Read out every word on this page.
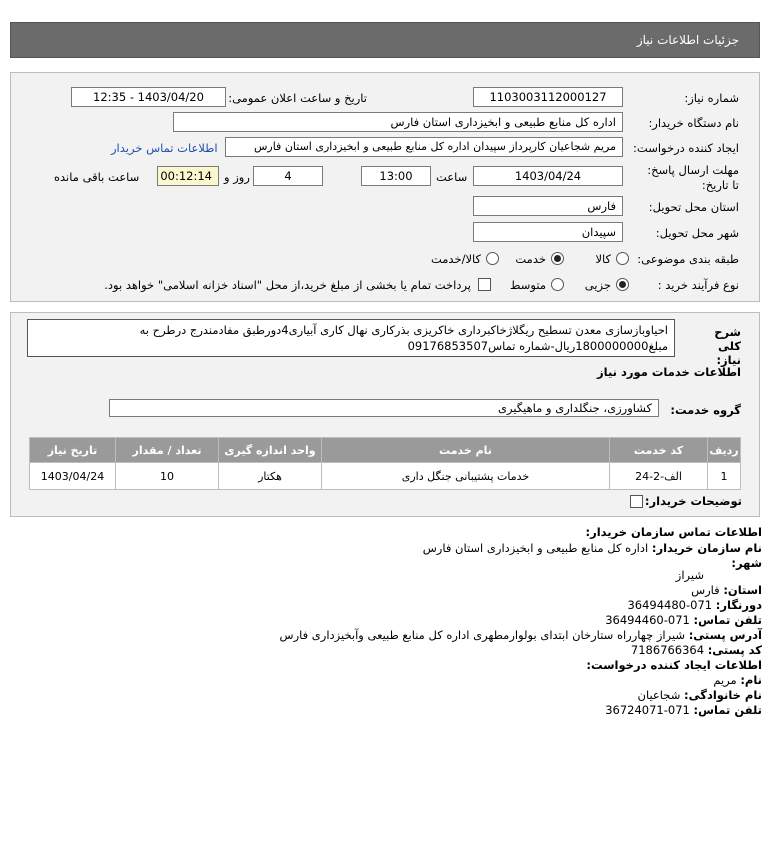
جزئیات اطلاعات نیاز
شماره نیاز:
1103003112000127
تاریخ و ساعت اعلان عمومی:
1403/04/20 - 12:35
نام دستگاه خریدار:
اداره کل منابع طبیعی و ابخیزداری استان فارس
ایجاد کننده درخواست:
مریم شجاعیان کارپرداز سپیدان اداره کل منابع طبیعی و ابخیزداری استان فارس
اطلاعات تماس خریدار
مهلت ارسال پاسخ: تا تاریخ:
1403/04/24
ساعت
13:00
4
روز و
00:12:14
ساعت باقی مانده
استان محل تحویل:
فارس
شهر محل تحویل:
سپیدان
طبقه بندی موضوعی:
کالا
خدمت
کالا/خدمت
نوع فرآیند خرید :
جزیی
متوسط
پرداخت تمام یا بخشی از مبلغ خرید،از محل "اسناد خزانه اسلامی" خواهد بود.
شرح کلی نیاز:
احیاوبازسازی معدن تسطیح ریگلاژخاکبرداری خاکریزی بذرکاری نهال کاری آبیاری4دورطبق مفادمندرج درطرح به مبلغ1800000000ریال-شماره تماس09176853507
اطلاعات خدمات مورد نیاز
گروه خدمت:
کشاورزی، جنگلداری و ماهیگیری
ردیف	کد خدمت	نام خدمت	واحد اندازه گیری	تعداد / مقدار	تاریخ نیاز
1	الف-2-24	خدمات پشتیبانی جنگل داری	هکتار	10	1403/04/24
توضیحات خریدار:
اطلاعات تماس سازمان خریدار:
نام سازمان خریدار: اداره کل منابع طبیعی و ابخیزداری استان فارس
شهر:
شیراز
استان: فارس
دورنگار: 071-36494480
تلفن تماس: 071-36494460
آدرس پستی: شیراز چهارراه ستارخان ابتدای بولوارمطهری اداره کل منابع طبیعی وآبخیزداری فارس
کد پستی: 7186766364
اطلاعات ایجاد کننده درخواست:
نام: مریم
نام خانوادگی: شجاعیان
تلفن تماس: 071-36724071
